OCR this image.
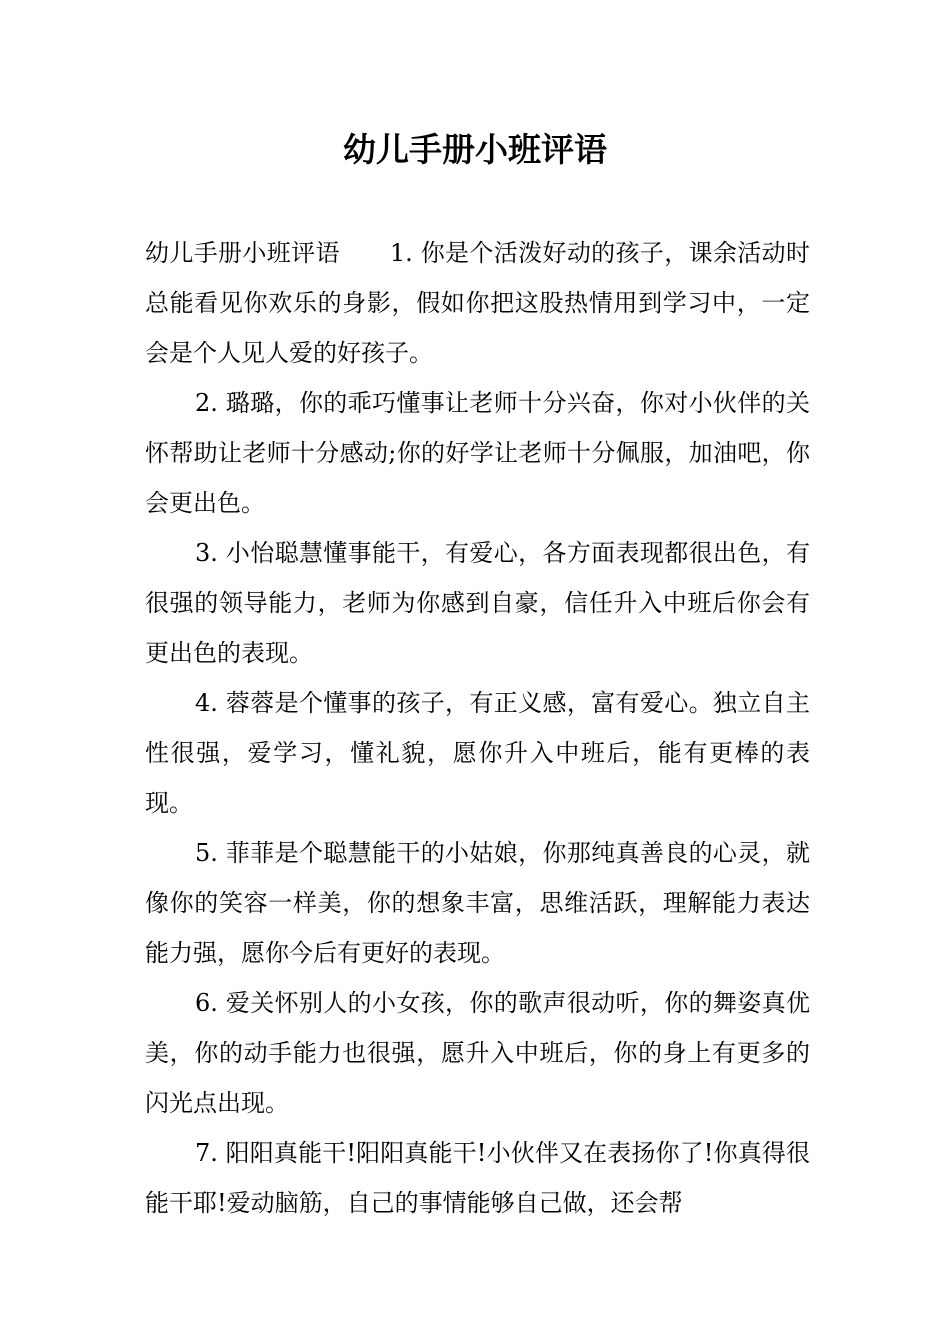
幼儿手册小班评语

幼儿手册小班评语 1. 你是个活泼好动的孩子，课余活动时总能看见你欢乐的身影，假如你把这股热情用到学习中，一定会是个人见人爱的好孩子。

2. 璐璐，你的乖巧懂事让老师十分兴奋，你对小伙伴的关怀帮助让老师十分感动;你的好学让老师十分佩服，加油吧，你会更出色。

3. 小怡聪慧懂事能干，有爱心，各方面表现都很出色，有很强的领导能力，老师为你感到自豪，信任升入中班后你会有更出色的表现。

4. 蓉蓉是个懂事的孩子，有正义感，富有爱心。独立自主性很强，爱学习，懂礼貌，愿你升入中班后，能有更棒的表现。

5. 菲菲是个聪慧能干的小姑娘，你那纯真善良的心灵，就像你的笑容一样美，你的想象丰富，思维活跃，理解能力表达能力强，愿你今后有更好的表现。

6. 爱关怀别人的小女孩，你的歌声很动听，你的舞姿真优美，你的动手能力也很强，愿升入中班后，你的身上有更多的闪光点出现。

7. 阳阳真能干!阳阳真能干!小伙伴又在表扬你了!你真得很能干耶!爱动脑筋，自己的事情能够自己做，还会帮
